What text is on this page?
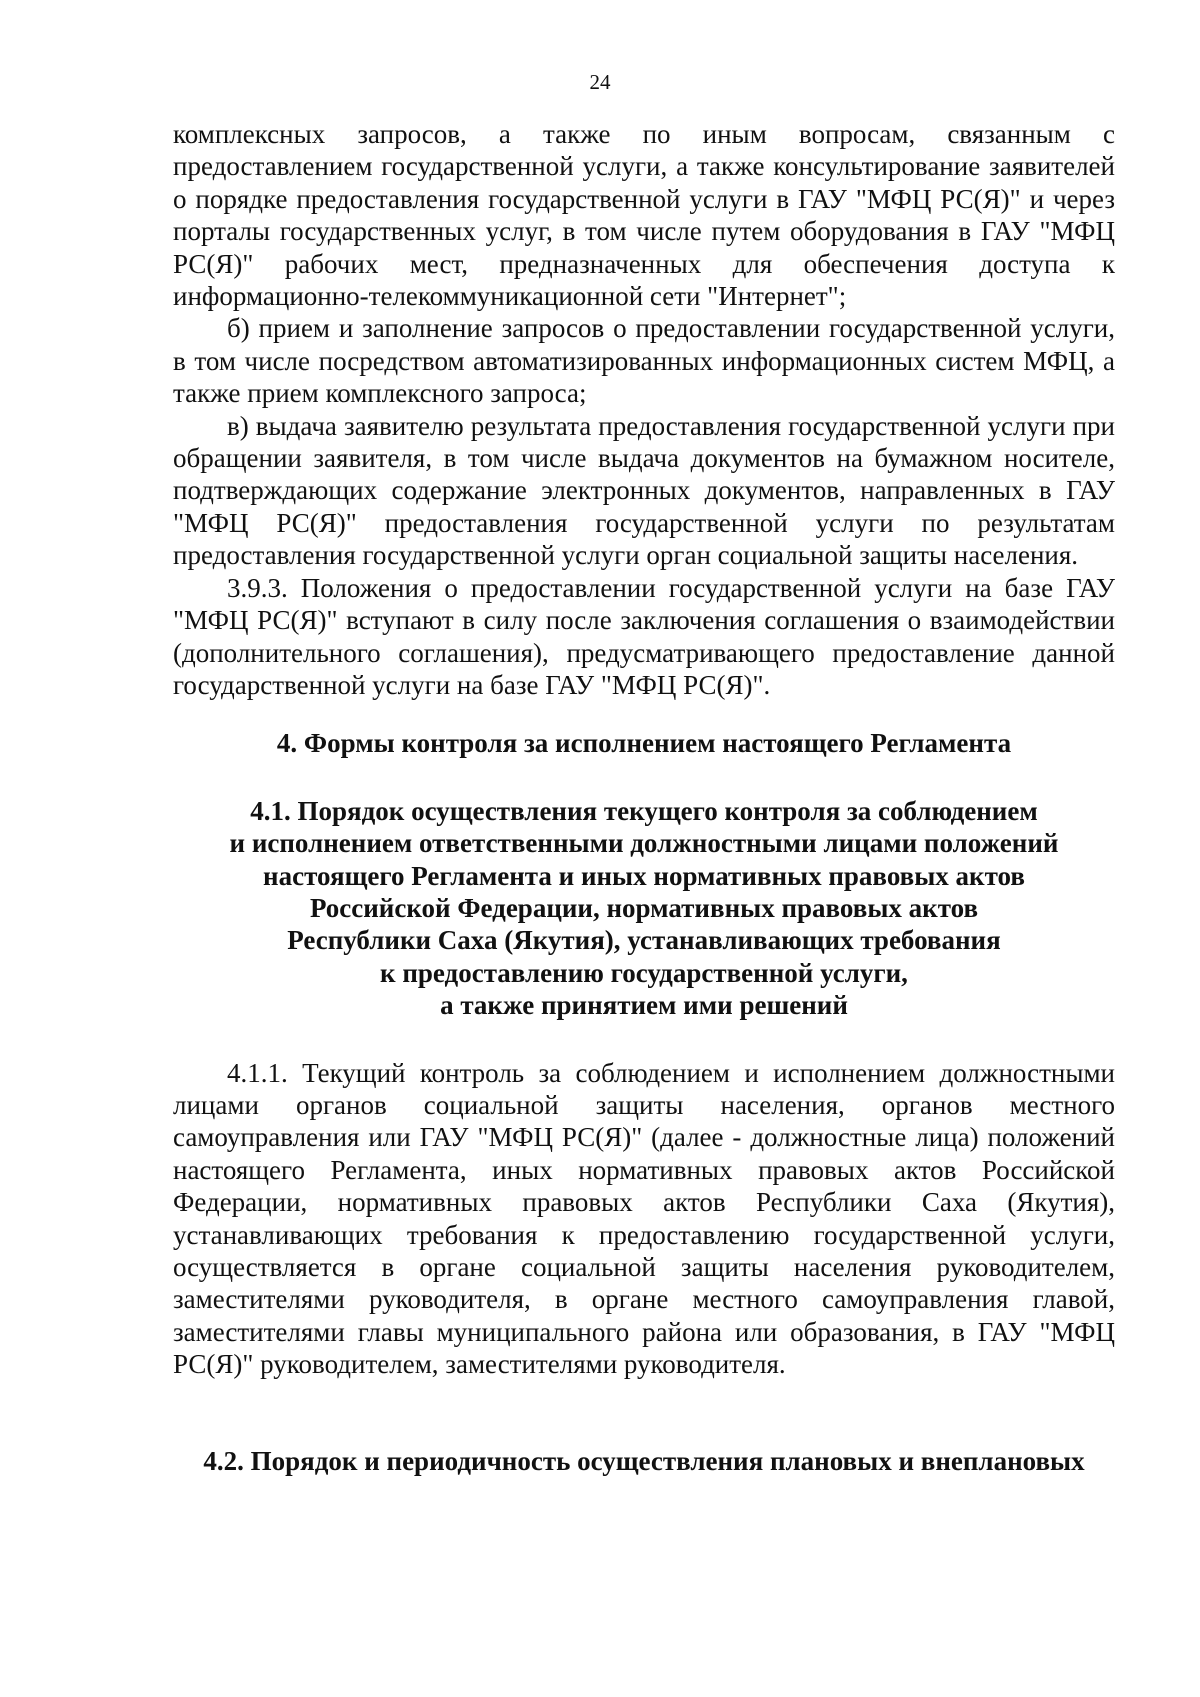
24

комплексных запросов, а также по иным вопросам, связанным с предоставлением государственной услуги, а также консультирование заявителей о порядке предоставления государственной услуги в ГАУ "МФЦ РС(Я)" и через порталы государственных услуг, в том числе путем оборудования в ГАУ "МФЦ РС(Я)" рабочих мест, предназначенных для обеспечения доступа к информационно-телекоммуникационной сети "Интернет";

б) прием и заполнение запросов о предоставлении государственной услуги, в том числе посредством автоматизированных информационных систем МФЦ, а также прием комплексного запроса;

в) выдача заявителю результата предоставления государственной услуги при обращении заявителя, в том числе выдача документов на бумажном носителе, подтверждающих содержание электронных документов, направленных в ГАУ "МФЦ РС(Я)" предоставления государственной услуги по результатам предоставления государственной услуги орган социальной защиты населения.

3.9.3. Положения о предоставлении государственной услуги на базе ГАУ "МФЦ РС(Я)" вступают в силу после заключения соглашения о взаимодействии (дополнительного соглашения), предусматривающего предоставление данной государственной услуги на базе ГАУ "МФЦ РС(Я)".

4. Формы контроля за исполнением настоящего Регламента
4.1. Порядок осуществления текущего контроля за соблюдением
и исполнением ответственными должностными лицами положений
настоящего Регламента и иных нормативных правовых актов
Российской Федерации, нормативных правовых актов
Республики Саха (Якутия), устанавливающих требования
к предоставлению государственной услуги,
а также принятием ими решений

4.1.1. Текущий контроль за соблюдением и исполнением должностными лицами органов социальной защиты населения, органов местного самоуправления или ГАУ "МФЦ РС(Я)" (далее - должностные лица) положений настоящего Регламента, иных нормативных правовых актов Российской Федерации, нормативных правовых актов Республики Саха (Якутия), устанавливающих требования к предоставлению государственной услуги, осуществляется в органе социальной защиты населения руководителем, заместителями руководителя, в органе местного самоуправления главой, заместителями главы муниципального района или образования, в ГАУ "МФЦ РС(Я)" руководителем, заместителями руководителя.

4.2. Порядок и периодичность осуществления плановых и внеплановых
